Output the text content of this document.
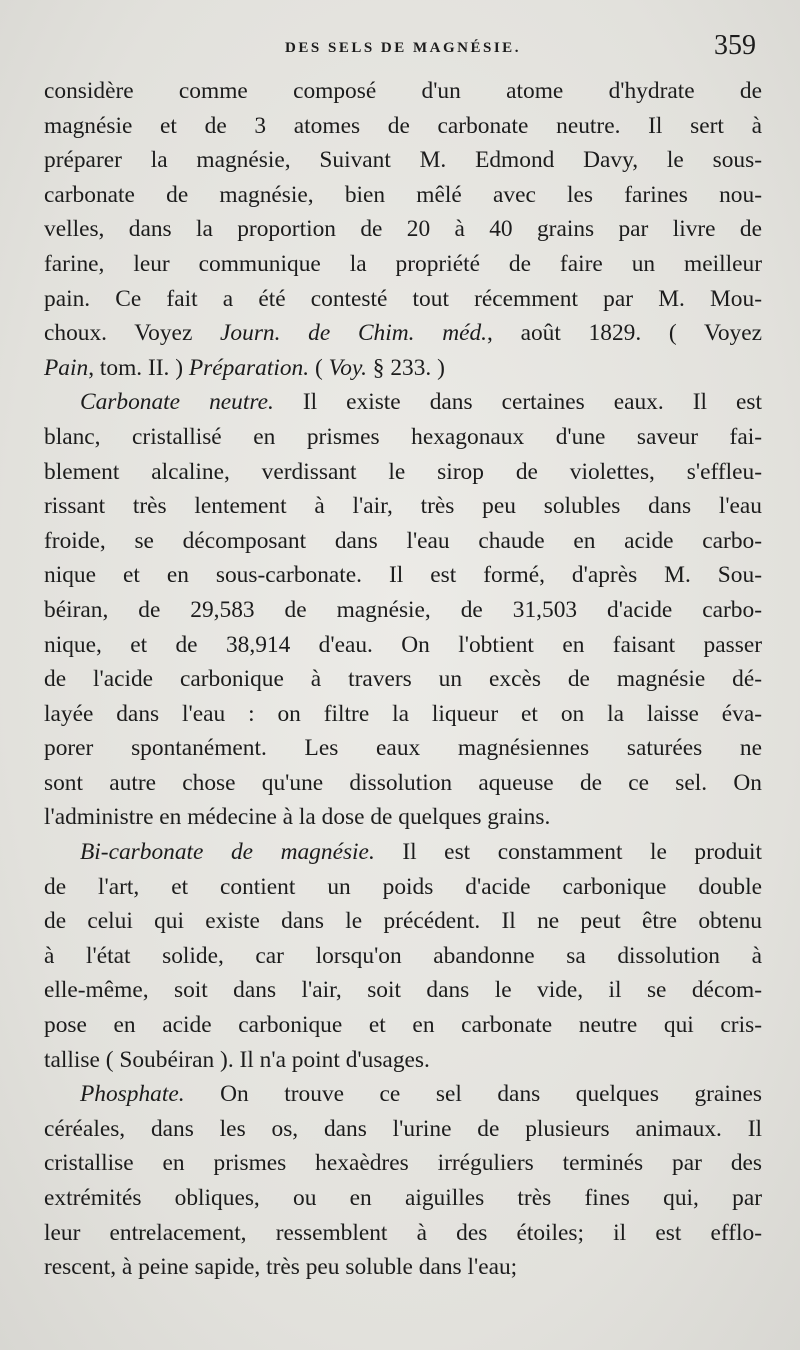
DES SELS DE MAGNÉSIE.	359
considère comme composé d'un atome d'hydrate de
magnésie et de 3 atomes de carbonate neutre. Il sert à
préparer la magnésie, Suivant M. Edmond Davy, le sous-
carbonate de magnésie, bien mêlé avec les farines nou-
velles, dans la proportion de 20 à 40 grains par livre de
farine, leur communique la propriété de faire un meilleur
pain. Ce fait a été contesté tout récemment par M. Mou-
choux. Voyez Journ. de Chim. méd., août 1829. ( Voyez
Pain, tom. II. ) Préparation. ( Voy. § 233. )
Carbonate neutre. Il existe dans certaines eaux. Il est
blanc, cristallisé en prismes hexagonaux d'une saveur fai-
blement alcaline, verdissant le sirop de violettes, s'effleu-
rissant très lentement à l'air, très peu solubles dans l'eau
froide, se décomposant dans l'eau chaude en acide carbo-
nique et en sous-carbonate. Il est formé, d'après M. Sou-
béiran, de 29,583 de magnésie, de 31,503 d'acide carbo-
nique, et de 38,914 d'eau. On l'obtient en faisant passer
de l'acide carbonique à travers un excès de magnésie dé-
layée dans l'eau : on filtre la liqueur et on la laisse éva-
porer spontanément. Les eaux magnésiennes saturées ne
sont autre chose qu'une dissolution aqueuse de ce sel. On
l'administre en médecine à la dose de quelques grains.
Bi-carbonate de magnésie. Il est constamment le produit
de l'art, et contient un poids d'acide carbonique double
de celui qui existe dans le précédent. Il ne peut être obtenu
à l'état solide, car lorsqu'on abandonne sa dissolution à
elle-même, soit dans l'air, soit dans le vide, il se décom-
pose en acide carbonique et en carbonate neutre qui cris-
tallise ( Soubéiran ). Il n'a point d'usages.
Phosphate. On trouve ce sel dans quelques graines
céréales, dans les os, dans l'urine de plusieurs animaux. Il
cristallise en prismes hexaèdres irréguliers terminés par des
extrémités obliques, ou en aiguilles très fines qui, par
leur entrelacement, ressemblent à des étoiles; il est efflo-
rescent, à peine sapide, très peu soluble dans l'eau;
